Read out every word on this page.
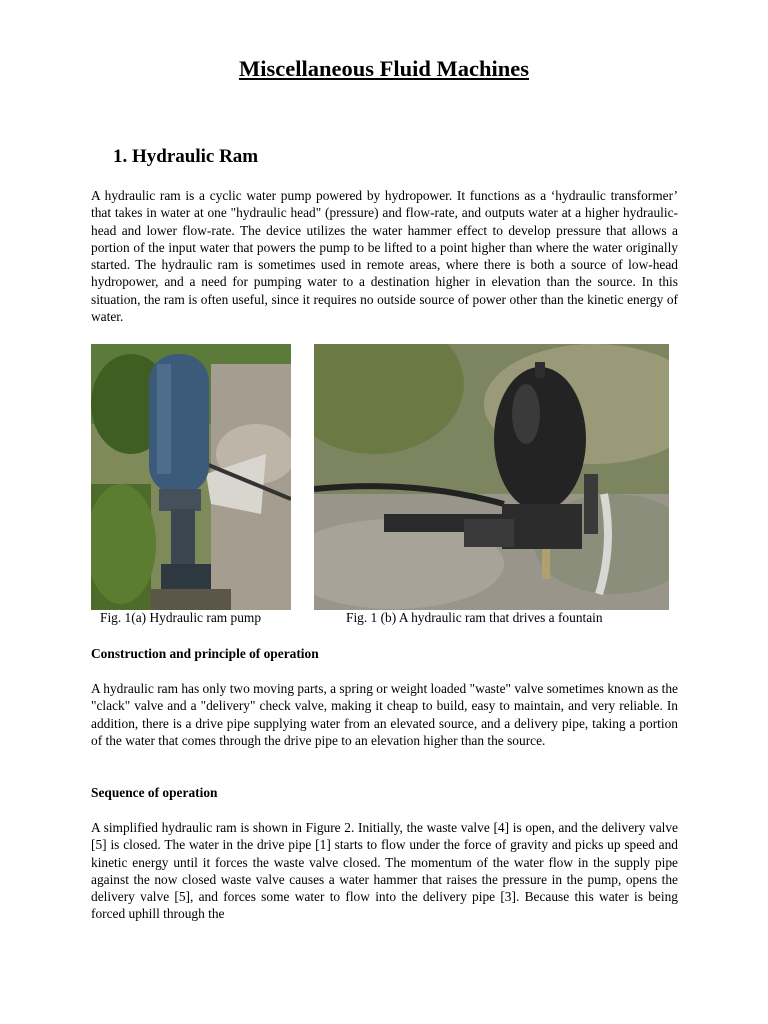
Miscellaneous Fluid Machines
1. Hydraulic Ram

A hydraulic ram is a cyclic water pump powered by hydropower. It functions as a ‘hydraulic transformer’ that takes in water at one "hydraulic head" (pressure) and flow-rate, and outputs water at a higher hydraulic-head and lower flow-rate. The device utilizes the water hammer effect to develop pressure that allows a portion of the input water that powers the pump to be lifted to a point higher than where the water originally started. The hydraulic ram is sometimes used in remote areas, where there is both a source of low-head hydropower, and a need for pumping water to a destination higher in elevation than the source. In this situation, the ram is often useful, since it requires no outside source of power other than the kinetic energy of water.

Fig. 1(a) Hydraulic ram pump	Fig. 1 (b) A hydraulic ram that drives a fountain
Construction and principle of operation

A hydraulic ram has only two moving parts, a spring or weight loaded "waste" valve sometimes known as the "clack" valve and a "delivery" check valve, making it cheap to build, easy to maintain, and very reliable. In addition, there is a drive pipe supplying water from an elevated source, and a delivery pipe, taking a portion of the water that comes through the drive pipe to an elevation higher than the source.

Sequence of operation

A simplified hydraulic ram is shown in Figure 2. Initially, the waste valve [4] is open, and the delivery valve [5] is closed. The water in the drive pipe [1] starts to flow under the force of gravity and picks up speed and kinetic energy until it forces the waste valve closed. The momentum of the water flow in the supply pipe against the now closed waste valve causes a water hammer that raises the pressure in the pump, opens the delivery valve [5], and forces some water to flow into the delivery pipe [3]. Because this water is being forced uphill through the
